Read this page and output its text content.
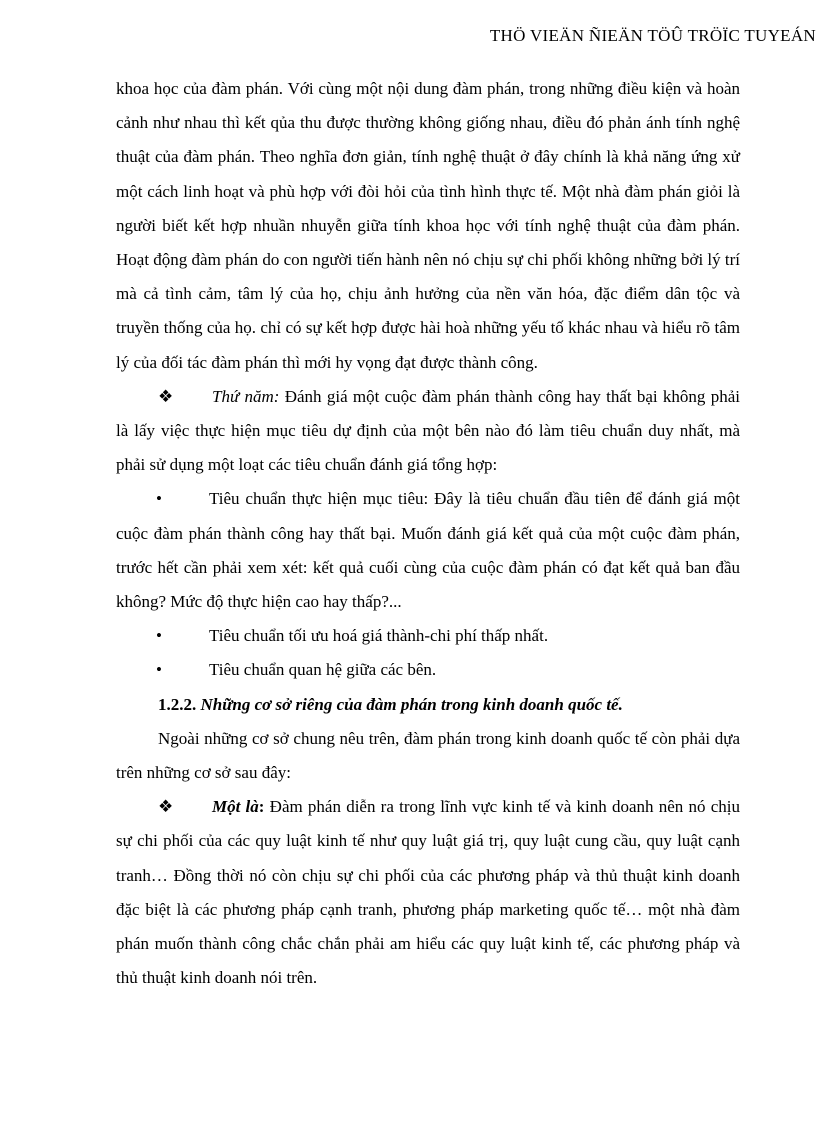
THÖ VIEÄN ÑIEÄN TÖÛ TRÖÏC TUYEÁN

khoa học của đàm phán. Với cùng một nội dung đàm phán, trong những điều kiện và hoàn cảnh như nhau thì kết qủa thu được thường không giống nhau, điều đó phản ánh tính nghệ thuật của đàm phán. Theo nghĩa đơn giản, tính nghệ thuật ở đây chính là khả năng ứng xử một cách linh hoạt và phù hợp với đòi hỏi của tình hình thực tế. Một nhà đàm phán giỏi là người biết kết hợp nhuần nhuyễn giữa tính khoa học với tính nghệ thuật của đàm phán. Hoạt động đàm phán do con người tiến hành nên nó chịu sự chi phối không những bởi lý trí mà cả tình cảm, tâm lý của họ, chịu ảnh hưởng của nền văn hóa, đặc điểm dân tộc và truyền thống của họ. chỉ có sự kết hợp được hài hoà những yếu tố khác nhau và hiểu rõ tâm lý của đối tác đàm phán thì mới hy vọng đạt được thành công.

❖ Thứ năm: Đánh giá một cuộc đàm phán thành công hay thất bại không phải là lấy việc thực hiện mục tiêu dự định của một bên nào đó làm tiêu chuẩn duy nhất, mà phải sử dụng một loạt các tiêu chuẩn đánh giá tổng hợp:

•	Tiêu chuẩn thực hiện mục tiêu: Đây là tiêu chuẩn đầu tiên để đánh giá một cuộc đàm phán thành công hay thất bại. Muốn đánh giá kết quả của một cuộc đàm phán, trước hết cần phải xem xét: kết quả cuối cùng của cuộc đàm phán có đạt kết quả ban đầu không? Mức độ thực hiện cao hay thấp?...

•	Tiêu chuẩn tối ưu hoá giá thành-chi phí thấp nhất.

•	Tiêu chuẩn quan hệ giữa các bên.

1.2.2. Những cơ sở riêng của đàm phán trong kinh doanh quốc tế.

Ngoài những cơ sở chung nêu trên, đàm phán trong kinh doanh quốc tế còn phải dựa trên những cơ sở sau đây:

❖ Một là: Đàm phán diễn ra trong lĩnh vực kinh tế và kinh doanh nên nó chịu sự chi phối của các quy luật kinh tế như quy luật giá trị, quy luật cung cầu, quy luật cạnh tranh… Đồng thời nó còn chịu sự chi phối của các phương pháp và thủ thuật kinh doanh đặc biệt là các phương pháp cạnh tranh, phương pháp marketing quốc tế… một nhà đàm phán muốn thành công chắc chắn phải am hiểu các quy luật kinh tế, các phương pháp và thủ thuật kinh doanh nói trên.
